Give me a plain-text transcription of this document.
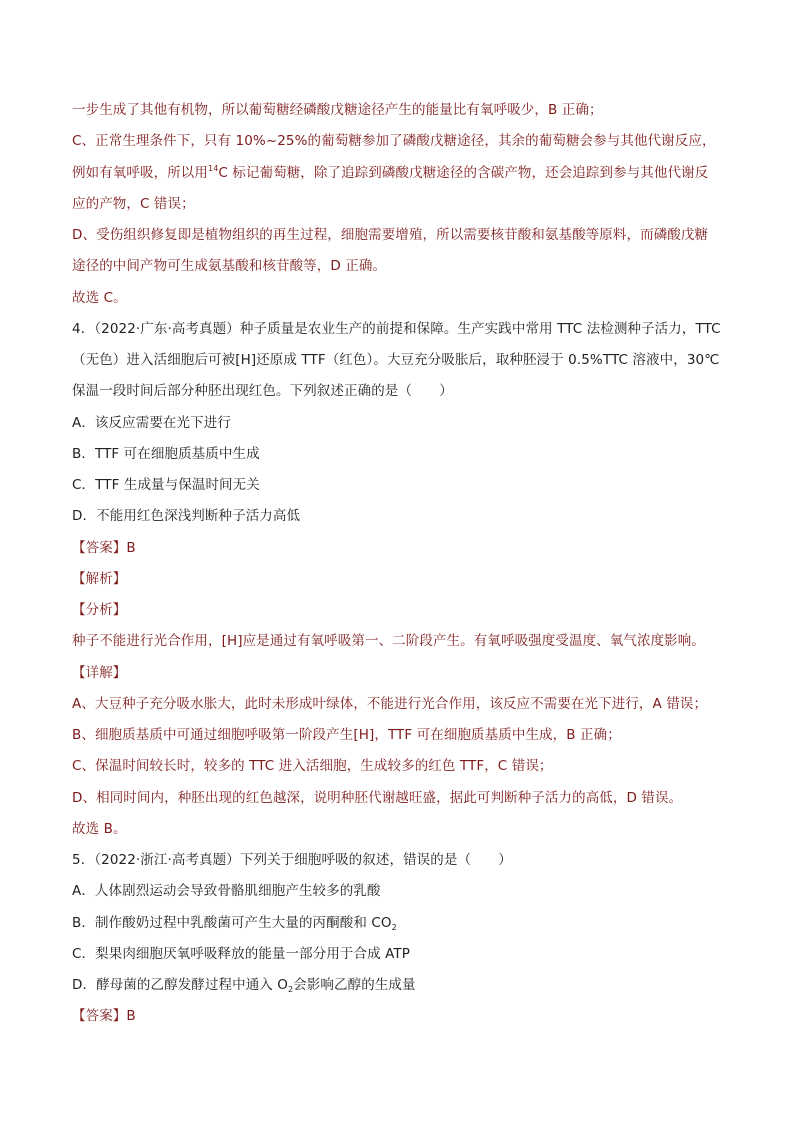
一步生成了其他有机物，所以葡萄糖经磷酸戊糖途径产生的能量比有氧呼吸少，B 正确；
C、正常生理条件下，只有 10%~25%的葡萄糖参加了磷酸戊糖途径，其余的葡萄糖会参与其他代谢反应，
例如有氧呼吸，所以用$^{14}$C 标记葡萄糖，除了追踪到磷酸戊糖途径的含碳产物，还会追踪到参与其他代谢反
应的产物，C 错误；
D、受伤组织修复即是植物组织的再生过程，细胞需要增殖，所以需要核苷酸和氨基酸等原料，而磷酸戊糖
途径的中间产物可生成氨基酸和核苷酸等，D 正确。
故选 C。
4．（2022·广东·高考真题）种子质量是农业生产的前提和保障。生产实践中常用 TTC 法检测种子活力，TTC
（无色）进入活细胞后可被[H]还原成 TTF（红色）。大豆充分吸胀后，取种胚浸于 0.5%TTC 溶液中，30℃
保温一段时间后部分种胚出现红色。下列叙述正确的是（　　）
A．该反应需要在光下进行
B．TTF 可在细胞质基质中生成
C．TTF 生成量与保温时间无关
D．不能用红色深浅判断种子活力高低
【答案】B
【解析】
【分析】
种子不能进行光合作用，[H]应是通过有氧呼吸第一、二阶段产生。有氧呼吸强度受温度、氧气浓度影响。
【详解】
A、大豆种子充分吸水胀大，此时未形成叶绿体，不能进行光合作用，该反应不需要在光下进行，A 错误；
B、细胞质基质中可通过细胞呼吸第一阶段产生[H]，TTF 可在细胞质基质中生成，B 正确；
C、保温时间较长时，较多的 TTC 进入活细胞，生成较多的红色 TTF，C 错误；
D、相同时间内，种胚出现的红色越深，说明种胚代谢越旺盛，据此可判断种子活力的高低，D 错误。
故选 B。
5．（2022·浙江·高考真题）下列关于细胞呼吸的叙述，错误的是（　　）
A．人体剧烈运动会导致骨骼肌细胞产生较多的乳酸
B．制作酸奶过程中乳酸菌可产生大量的丙酮酸和 $CO_2$
C．梨果肉细胞厌氧呼吸释放的能量一部分用于合成 ATP
D．酵母菌的乙醇发酵过程中通入 $O_2$会影响乙醇的生成量
【答案】B
